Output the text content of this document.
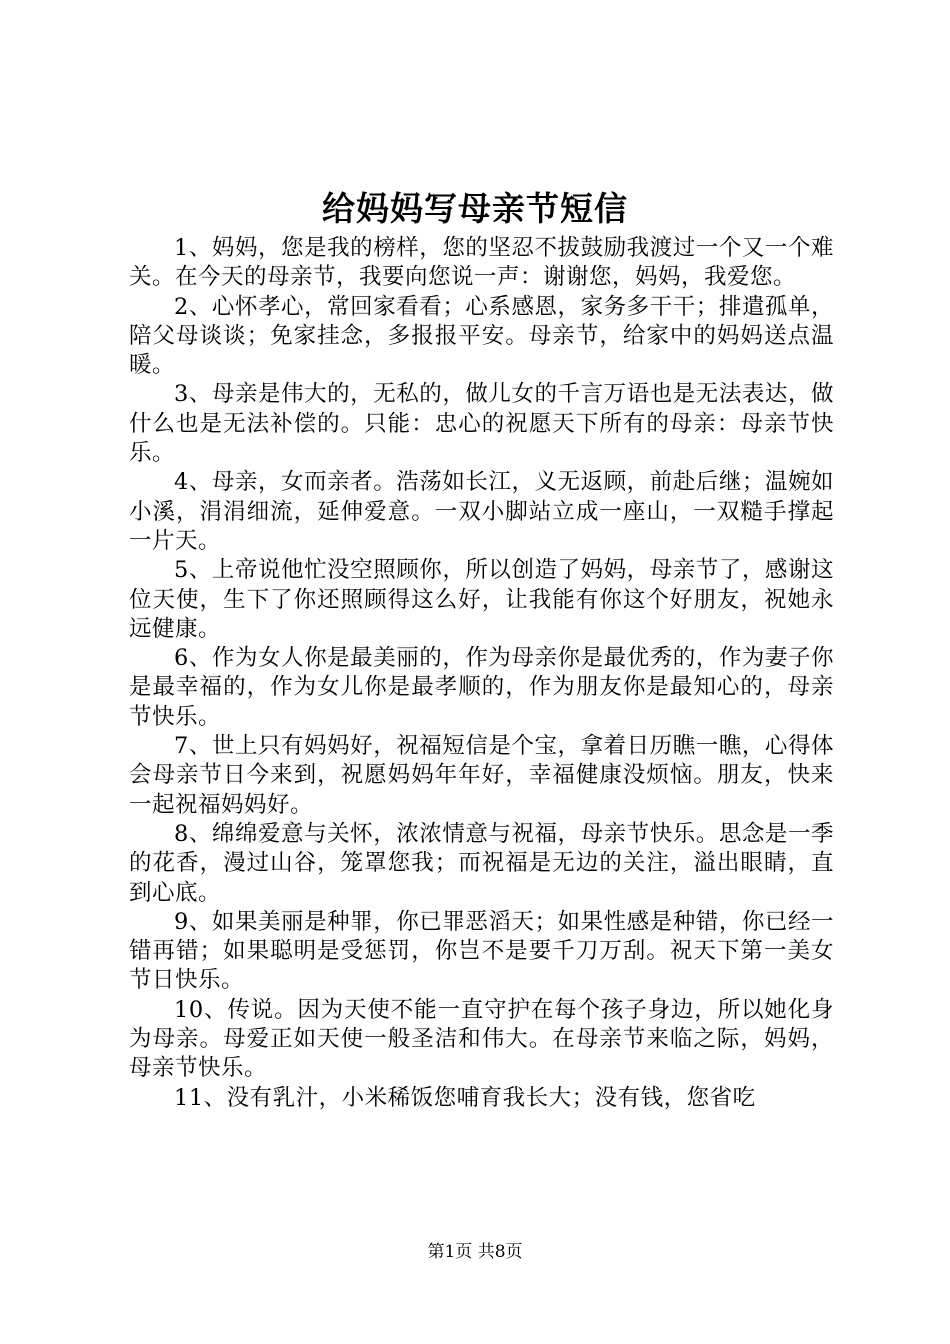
给妈妈写母亲节短信

1、妈妈，您是我的榜样，您的坚忍不拔鼓励我渡过一个又一个难关。在今天的母亲节，我要向您说一声：谢谢您，妈妈，我爱您。

2、心怀孝心，常回家看看；心系感恩，家务多干干；排遣孤单，陪父母谈谈；免家挂念，多报报平安。母亲节，给家中的妈妈送点温暖。

3、母亲是伟大的，无私的，做儿女的千言万语也是无法表达，做什么也是无法补偿的。只能：忠心的祝愿天下所有的母亲：母亲节快乐。

4、母亲，女而亲者。浩荡如长江，义无返顾，前赴后继；温婉如小溪，涓涓细流，延伸爱意。一双小脚站立成一座山，一双糙手撑起一片天。

5、上帝说他忙没空照顾你，所以创造了妈妈，母亲节了，感谢这位天使，生下了你还照顾得这么好，让我能有你这个好朋友，祝她永远健康。

6、作为女人你是最美丽的，作为母亲你是最优秀的，作为妻子你是最幸福的，作为女儿你是最孝顺的，作为朋友你是最知心的，母亲节快乐。

7、世上只有妈妈好，祝福短信是个宝，拿着日历瞧一瞧，心得体会母亲节日今来到，祝愿妈妈年年好，幸福健康没烦恼。朋友，快来一起祝福妈妈好。

8、绵绵爱意与关怀，浓浓情意与祝福，母亲节快乐。思念是一季的花香，漫过山谷，笼罩您我；而祝福是无边的关注，溢出眼睛，直到心底。

9、如果美丽是种罪，你已罪恶滔天；如果性感是种错，你已经一错再错；如果聪明是受惩罚，你岂不是要千刀万刮。祝天下第一美女节日快乐。

10、传说。因为天使不能一直守护在每个孩子身边，所以她化身为母亲。母爱正如天使一般圣洁和伟大。在母亲节来临之际，妈妈，母亲节快乐。

11、没有乳汁，小米稀饭您哺育我长大；没有钱，您省吃

第1页 共8页
